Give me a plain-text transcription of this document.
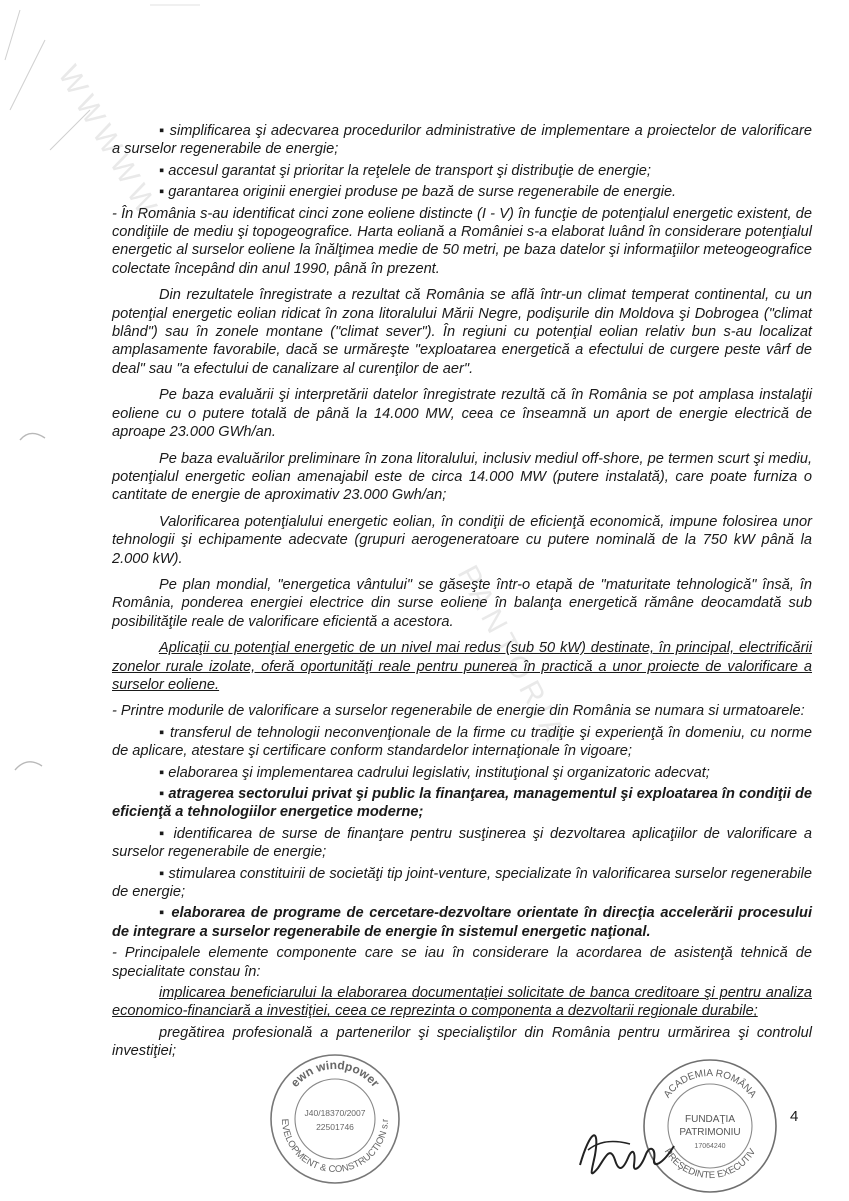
WWWWW
PANTORIA

▪ simplificarea şi adecvarea procedurilor administrative de implementare a proiectelor de valorificare a surselor regenerabile de energie;

▪ accesul garantat şi prioritar la reţelele de transport şi distribuţie de energie;

▪ garantarea originii energiei produse pe bază de surse regenerabile de energie.

- În România s-au identificat cinci zone eoliene distincte (I - V) în funcţie de potenţialul energetic existent, de condiţiile de mediu şi topogeografice. Harta eoliană a României s-a elaborat luând în considerare potenţialul energetic al surselor eoliene la înălţimea medie de 50 metri, pe baza datelor şi informaţiilor meteogeografice colectate începând din anul 1990, până în prezent.

Din rezultatele înregistrate a rezultat că România se află într-un climat temperat continental, cu un potenţial energetic eolian ridicat în zona litoralului Mării Negre, podişurile din Moldova şi Dobrogea ("climat blând") sau în zonele montane ("climat sever"). În regiuni cu potenţial eolian relativ bun s-au localizat amplasamente favorabile, dacă se urmăreşte "exploatarea energetică a efectului de curgere peste vârf de deal" sau "a efectului de canalizare al curenţilor de aer".

Pe baza evaluării şi interpretării datelor înregistrate rezultă că în România se pot amplasa instalaţii eoliene cu o putere totală de până la 14.000 MW, ceea ce înseamnă un aport de energie electrică de aproape 23.000 GWh/an.

Pe baza evaluărilor preliminare în zona litoralului, inclusiv mediul off-shore, pe termen scurt şi mediu, potenţialul energetic eolian amenajabil este de circa 14.000 MW (putere instalată), care poate furniza o cantitate de energie de aproximativ 23.000 Gwh/an;

Valorificarea potenţialului energetic eolian, în condiţii de eficienţă economică, impune folosirea unor tehnologii şi echipamente adecvate (grupuri aerogeneratoare cu putere nominală de la 750 kW până la 2.000 kW).

Pe plan mondial, "energetica vântului" se găseşte într-o etapă de "maturitate tehnologică" însă, în România, ponderea energiei electrice din surse eoliene în balanţa energetică rămâne deocamdată sub posibilităţile reale de valorificare eficientă a acestora.

Aplicaţii cu potenţial energetic de un nivel mai redus (sub 50 kW) destinate, în principal, electrificării zonelor rurale izolate, oferă oportunităţi reale pentru punerea în practică a unor proiecte de valorificare a surselor eoliene.

- Printre modurile de valorificare a surselor regenerabile de energie din România se numara si urmatoarele:

▪ transferul de tehnologii neconvenţionale de la firme cu tradiţie şi experienţă în domeniu, cu norme de aplicare, atestare şi certificare conform standardelor internaţionale în vigoare;

▪ elaborarea şi implementarea cadrului legislativ, instituţional şi organizatoric adecvat;

▪ atragerea sectorului privat şi public la finanţarea, managementul şi exploatarea în condiţii de eficienţă a tehnologiilor energetice moderne;

▪ identificarea de surse de finanţare pentru susţinerea şi dezvoltarea aplicaţiilor de valorificare a surselor regenerabile de energie;

▪ stimularea constituirii de societăţi tip joint-venture, specializate în valorificarea surselor regenerabile de energie;

▪ elaborarea de programe de cercetare-dezvoltare orientate în direcţia accelerării procesului de integrare a surselor regenerabile de energie în sistemul energetic naţional.

- Principalele elemente componente care se iau în considerare la acordarea de asistenţă tehnică de specialitate constau în:

implicarea beneficiarului la elaborarea documentaţiei solicitate de banca creditoare şi pentru analiza economico-financiară a investiţiei, ceea ce reprezinta o componenta a dezvoltarii regionale durabile;

pregătirea profesională a partenerilor şi specialiştilor din România pentru urmărirea şi controlul investiţiei;

ewn windpower
EVELOPMENT & CONSTRUCTION s.r
J40/18370/2007
22501746
ACADEMIA ROMÂNA
PREŞEDINTE EXECUTIV
FUNDAŢIA
PATRIMONIU
17064240
4
